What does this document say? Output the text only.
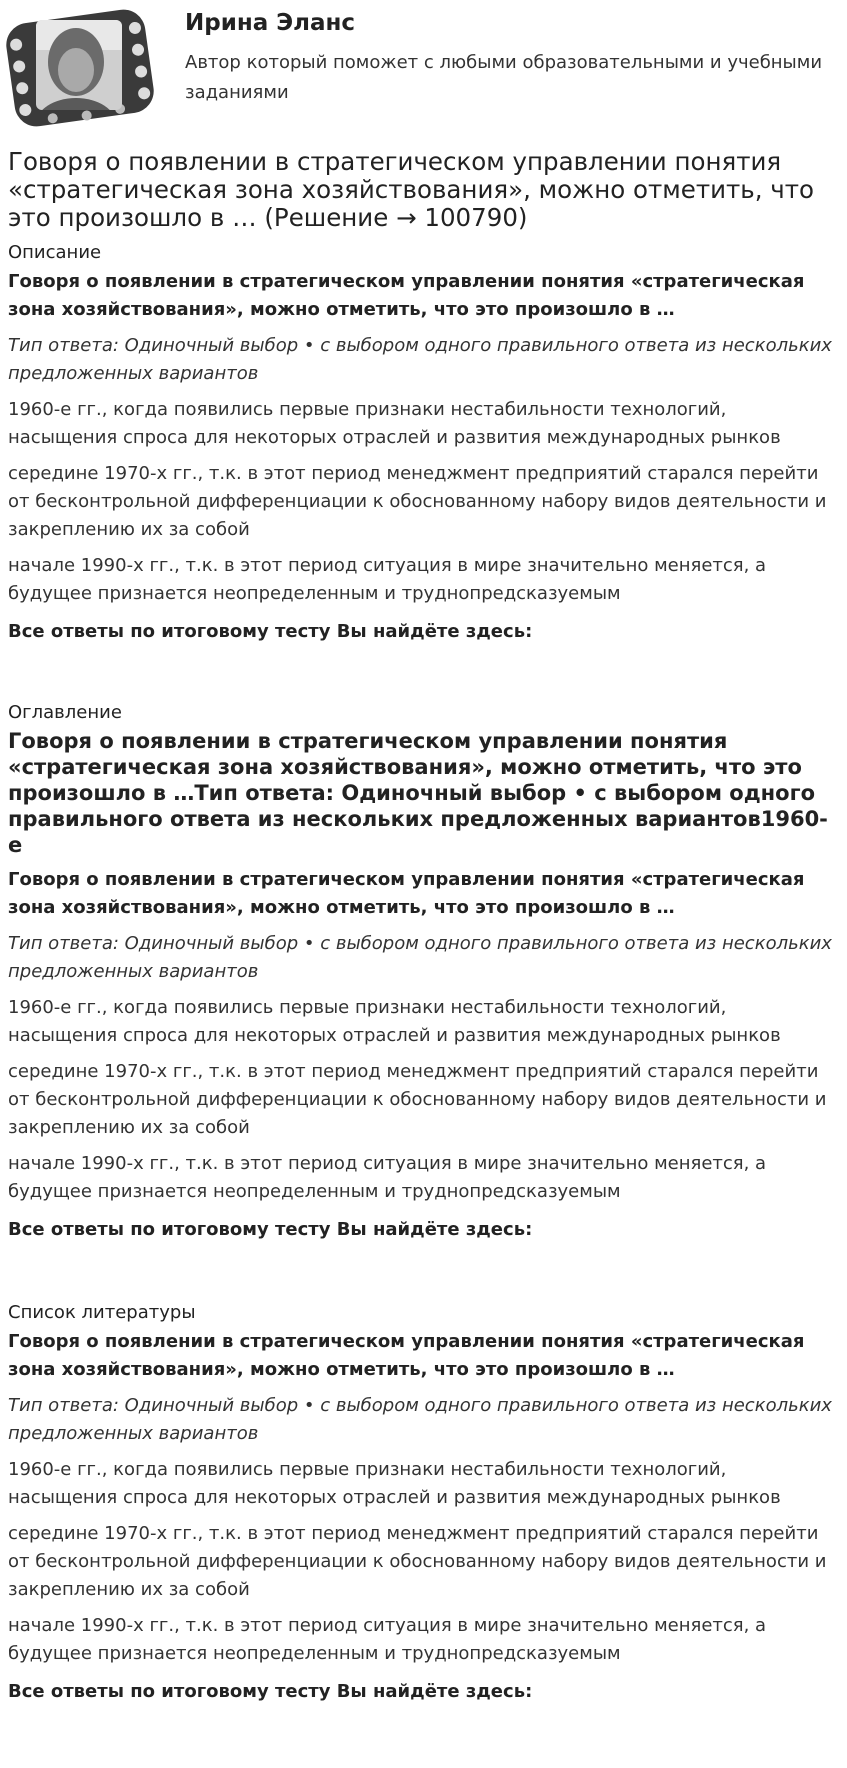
Ирина Эланс
Автор который поможет с любыми образовательными и учебными заданиями
Говоря о появлении в стратегическом управлении понятия «стратегическая зона хозяйствования», можно отметить, что это произошло в … (Решение → 100790)
Описание
Говоря о появлении в стратегическом управлении понятия «стратегическая зона хозяйствования», можно отметить, что это произошло в …
Тип ответа: Одиночный выбор • с выбором одного правильного ответа из нескольких предложенных вариантов
1960-е гг., когда появились первые признаки нестабильности технологий, насыщения спроса для некоторых отраслей и развития международных рынков
середине 1970-х гг., т.к. в этот период менеджмент предприятий старался перейти от бесконтрольной дифференциации к обоснованному набору видов деятельности и закреплению их за собой
начале 1990-х гг., т.к. в этот период ситуация в мире значительно меняется, а будущее признается неопределенным и труднопредсказуемым
Все ответы по итоговому тесту Вы найдёте здесь:
Оглавление
Говоря о появлении в стратегическом управлении понятия «стратегическая зона хозяйствования», можно отметить, что это произошло в …Тип ответа: Одиночный выбор • с выбором одного правильного ответа из нескольких предложенных вариантов1960-е
Говоря о появлении в стратегическом управлении понятия «стратегическая зона хозяйствования», можно отметить, что это произошло в …
Тип ответа: Одиночный выбор • с выбором одного правильного ответа из нескольких предложенных вариантов
1960-е гг., когда появились первые признаки нестабильности технологий, насыщения спроса для некоторых отраслей и развития международных рынков
середине 1970-х гг., т.к. в этот период менеджмент предприятий старался перейти от бесконтрольной дифференциации к обоснованному набору видов деятельности и закреплению их за собой
начале 1990-х гг., т.к. в этот период ситуация в мире значительно меняется, а будущее признается неопределенным и труднопредсказуемым
Все ответы по итоговому тесту Вы найдёте здесь:
Список литературы
Говоря о появлении в стратегическом управлении понятия «стратегическая зона хозяйствования», можно отметить, что это произошло в …
Тип ответа: Одиночный выбор • с выбором одного правильного ответа из нескольких предложенных вариантов
1960-е гг., когда появились первые признаки нестабильности технологий, насыщения спроса для некоторых отраслей и развития международных рынков
середине 1970-х гг., т.к. в этот период менеджмент предприятий старался перейти от бесконтрольной дифференциации к обоснованному набору видов деятельности и закреплению их за собой
начале 1990-х гг., т.к. в этот период ситуация в мире значительно меняется, а будущее признается неопределенным и труднопредсказуемым
Все ответы по итоговому тесту Вы найдёте здесь:
